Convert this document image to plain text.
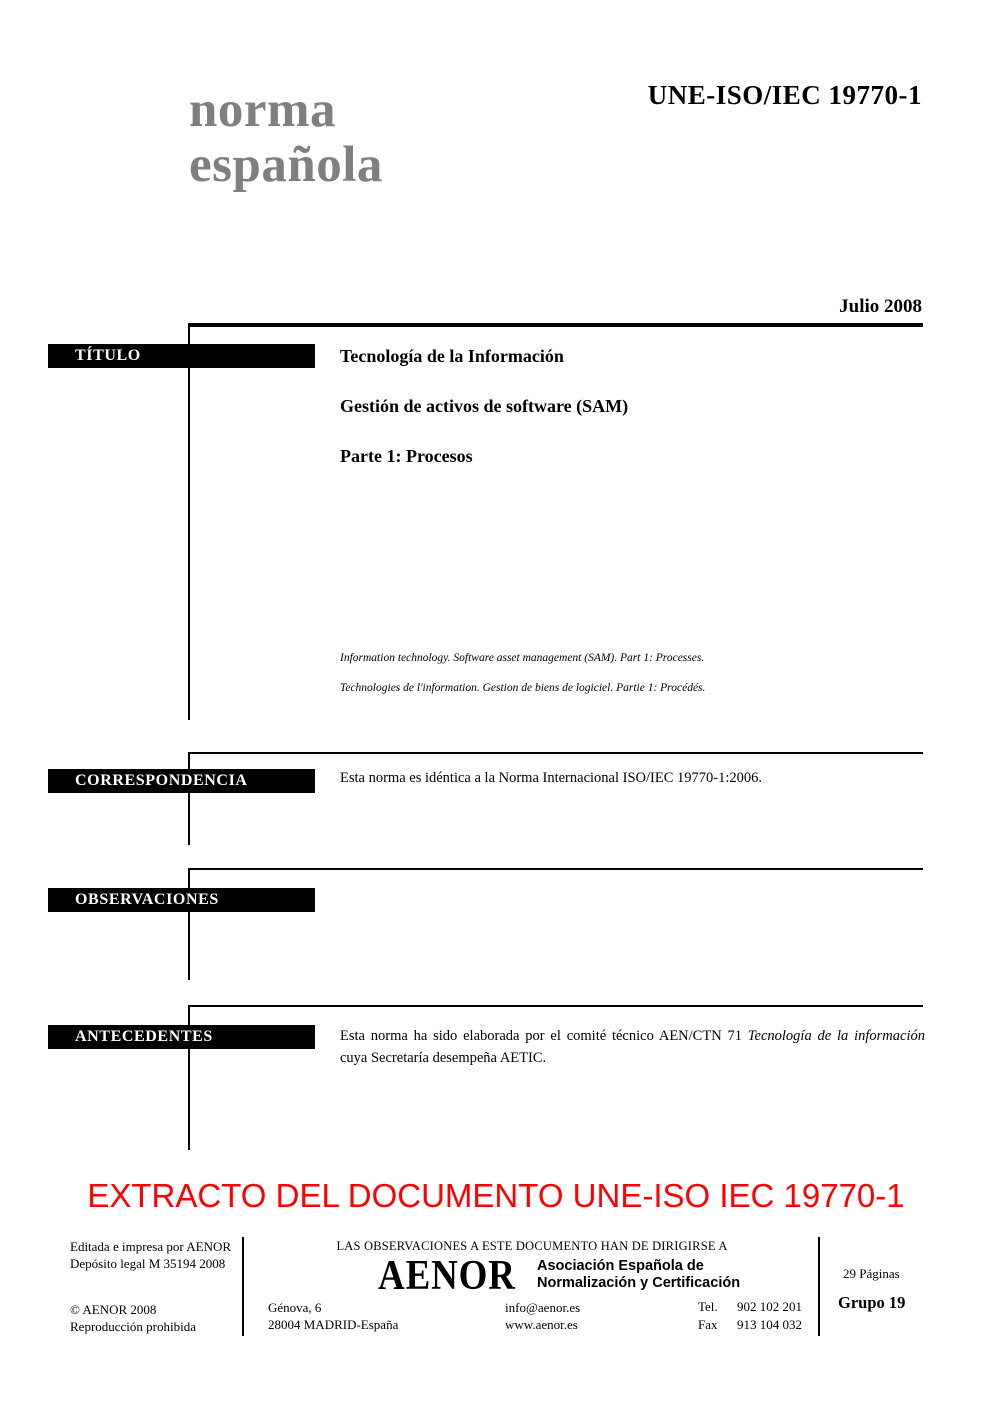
norma
española
UNE-ISO/IEC 19770-1
Julio 2008
TÍTULO	Tecnología de la Información
Gestión de activos de software (SAM)
Parte 1: Procesos
Information technology. Software asset management (SAM). Part 1: Processes.
Technologies de l'information. Gestion de biens de logiciel. Partie 1: Procédés.
CORRESPONDENCIA	Esta norma es idéntica a la Norma Internacional ISO/IEC 19770-1:2006.
OBSERVACIONES
ANTECEDENTES	Esta norma ha sido elaborada por el comité técnico AEN/CTN 71 Tecnología de la información cuya Secretaría desempeña AETIC.
EXTRACTO DEL DOCUMENTO UNE-ISO IEC 19770-1
Editada e impresa por AENOR
Depósito legal M 35194 2008
© AENOR 2008
Reproducción prohibida
LAS OBSERVACIONES A ESTE DOCUMENTO HAN DE DIRIGIRSE A
AENOR Asociación Española de
Normalización y Certificación
Génova, 6
28004 MADRID-España
info@aenor.es
www.aenor.es
Tel. 902 102 201
Fax 913 104 032
29 Páginas
Grupo 19
